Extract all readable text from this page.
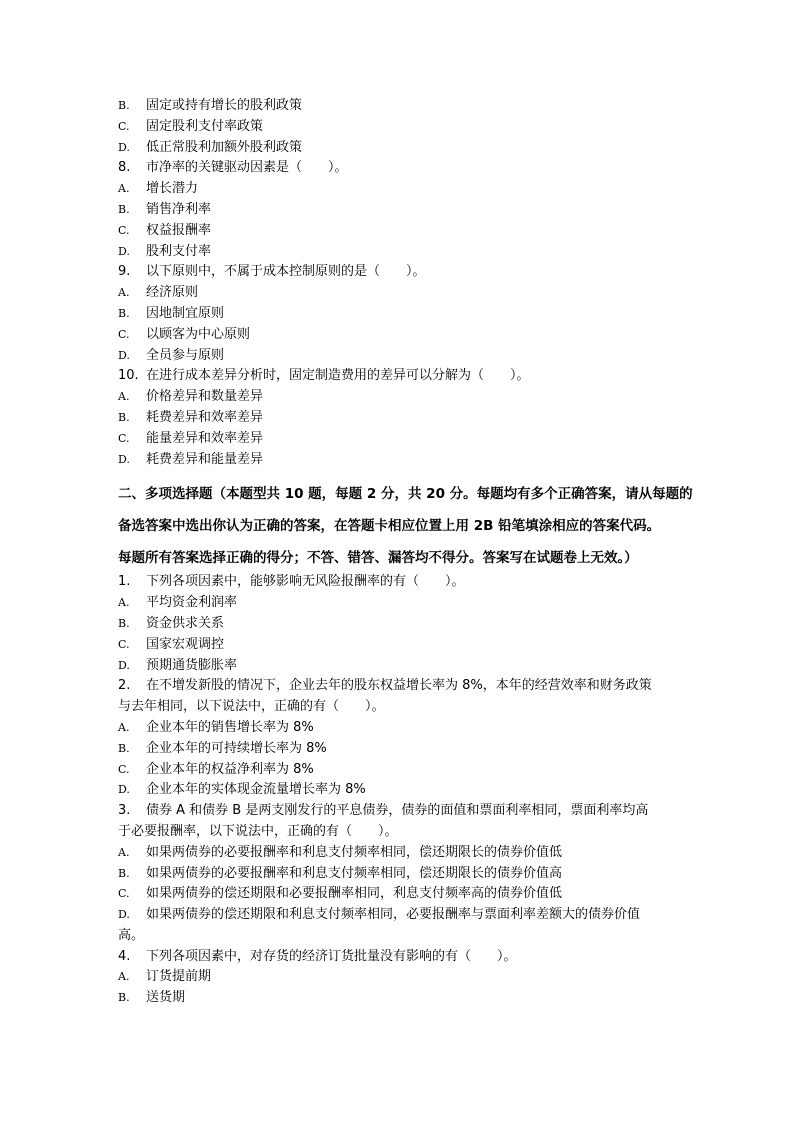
B. 固定或持有增长的股利政策
C. 固定股利支付率政策
D. 低正常股利加额外股利政策
8. 市净率的关键驱动因素是（　　）。
A. 增长潜力
B. 销售净利率
C. 权益报酬率
D. 股利支付率
9. 以下原则中，不属于成本控制原则的是（　　）。
A. 经济原则
B. 因地制宜原则
C. 以顾客为中心原则
D. 全员参与原则
10. 在进行成本差异分析时，固定制造费用的差异可以分解为（　　）。
A. 价格差异和数量差异
B. 耗费差异和效率差异
C. 能量差异和效率差异
D. 耗费差异和能量差异
二、多项选择题（本题型共 10 题，每题 2 分，共 20 分。每题均有多个正确答案，请从每题的
备选答案中选出你认为正确的答案，在答题卡相应位置上用 2B 铅笔填涂相应的答案代码。
每题所有答案选择正确的得分；不答、错答、漏答均不得分。答案写在试题卷上无效。）
1. 下列各项因素中，能够影响无风险报酬率的有（　　）。
A. 平均资金利润率
B. 资金供求关系
C. 国家宏观调控
D. 预期通货膨胀率
2. 在不增发新股的情况下，企业去年的股东权益增长率为 8%，本年的经营效率和财务政策
与去年相同，以下说法中，正确的有（　　）。
A. 企业本年的销售增长率为 8%
B. 企业本年的可持续增长率为 8%
C. 企业本年的权益净利率为 8%
D. 企业本年的实体现金流量增长率为 8%
3. 债券 A 和债券 B 是两支刚发行的平息债券，债券的面值和票面利率相同，票面利率均高
于必要报酬率，以下说法中，正确的有（　　）。
A. 如果两债券的必要报酬率和利息支付频率相同，偿还期限长的债券价值低
B. 如果两债券的必要报酬率和利息支付频率相同，偿还期限长的债券价值高
C. 如果两债券的偿还期限和必要报酬率相同，利息支付频率高的债券价值低
D. 如果两债券的偿还期限和利息支付频率相同，必要报酬率与票面利率差额大的债券价值
高。
4. 下列各项因素中，对存货的经济订货批量没有影响的有（　　）。
A. 订货提前期
B. 送货期
